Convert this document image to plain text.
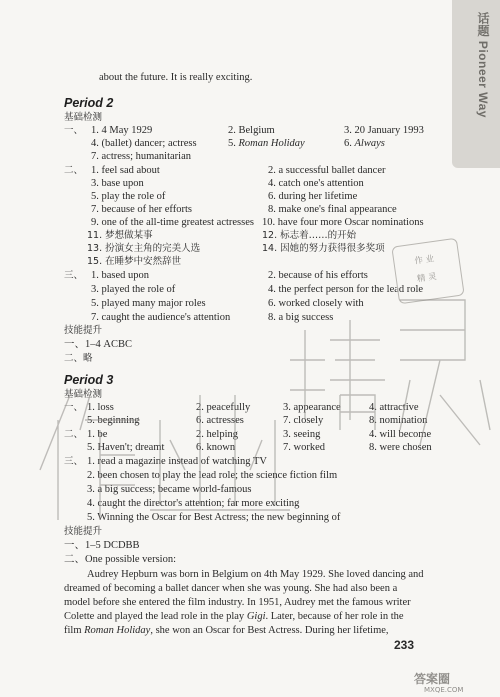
话题 Pioneer Way
about the future. It is really exciting.
Period 2
基础检测
一、 1. 4 May 1929	2. Belgium	3. 20 January 1993
4. (ballet) dancer; actress	5. Roman Holiday	6. Always
7. actress; humanitarian
二、 1. feel sad about	2. a successful ballet dancer
3. base upon	4. catch one's attention
5. play the role of	6. during her lifetime
7. because of her efforts	8. make one's final appearance
9. one of the all-time greatest actresses 10. have four more Oscar nominations
11. 梦想做某事	12. 标志着……的开始
13. 扮演女主角的完美人选	14. 因她的努力获得很多奖项
15. 在睡梦中安然辞世
三、 1. based upon	2. because of his efforts
3. played the role of	4. the perfect person for the lead role
5. played many major roles	6. worked closely with
7. caught the audience's attention	8. a big success
技能提升
一、1–4 ACBC
二、略
Period 3
基础检测
一、 1. loss	2. peacefully	3. appearance	4. attractive
5. beginning	6. actresses	7. closely	8. nomination
二、 1. be	2. helping	3. seeing	4. will become
5. Haven't; dreamt	6. known	7. worked	8. were chosen
三、 1. read a magazine instead of watching TV
2. been chosen to play the lead role; the science fiction film
3. a big success; became world-famous
4. caught the director's attention; far more exciting
5. Winning the Oscar for Best Actress; the new beginning of
技能提升
一、1–5 DCDBB
二、One possible version:
Audrey Hepburn was born in Belgium on 4th May 1929. She loved dancing and
dreamed of becoming a ballet dancer when she was young. She had also been a
model before she entered the film industry. In 1951, Audrey met the famous writer
Colette and played the lead role in the play Gigi. Later, because of her role in the
film Roman Holiday, she won an Oscar for Best Actress. During her lifetime,
233
作 业
精 灵
答案圈
MXQE.COM
